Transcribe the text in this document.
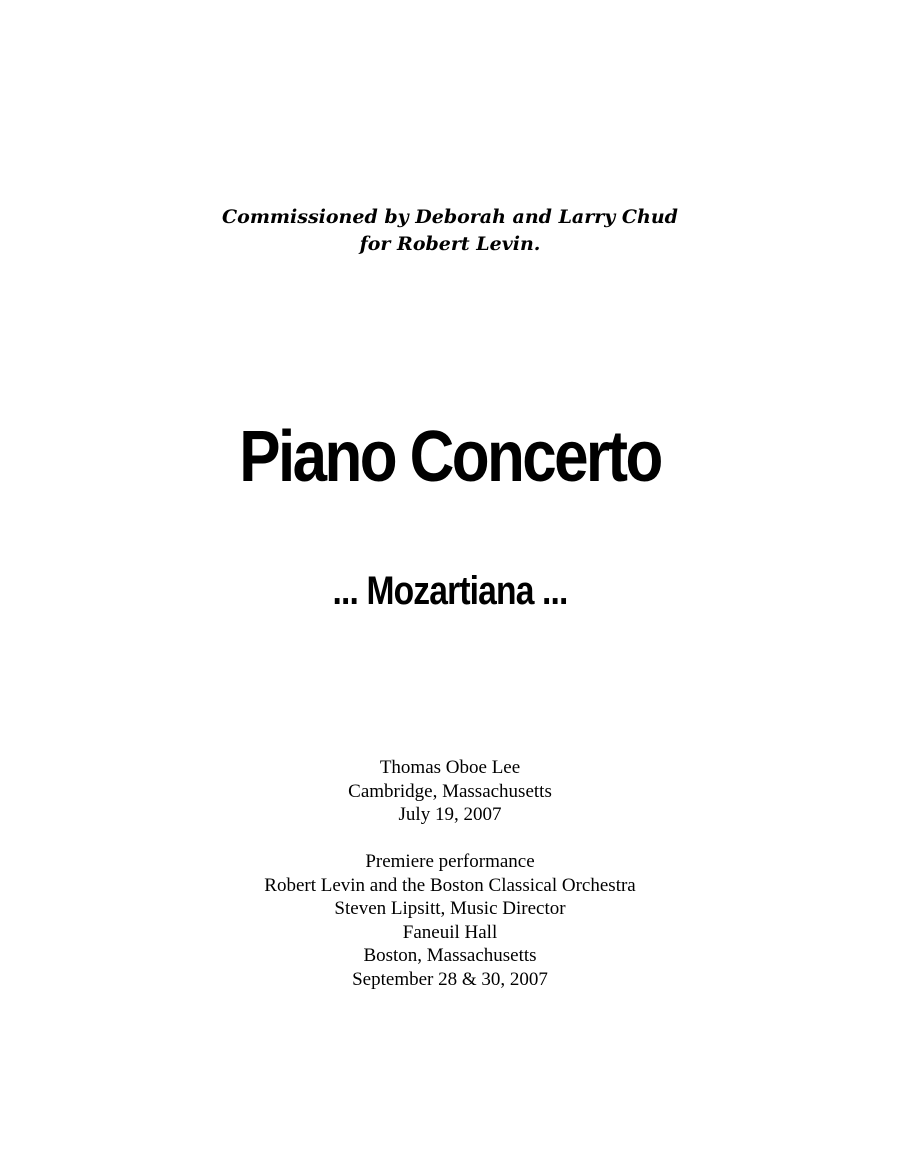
Commissioned by Deborah and Larry Chud
for Robert Levin.
Piano Concerto
... Mozartiana ...
Thomas Oboe Lee
Cambridge, Massachusetts
July 19, 2007
Premiere performance
Robert Levin and the Boston Classical Orchestra
Steven Lipsitt, Music Director
Faneuil Hall
Boston, Massachusetts
September 28 & 30, 2007
